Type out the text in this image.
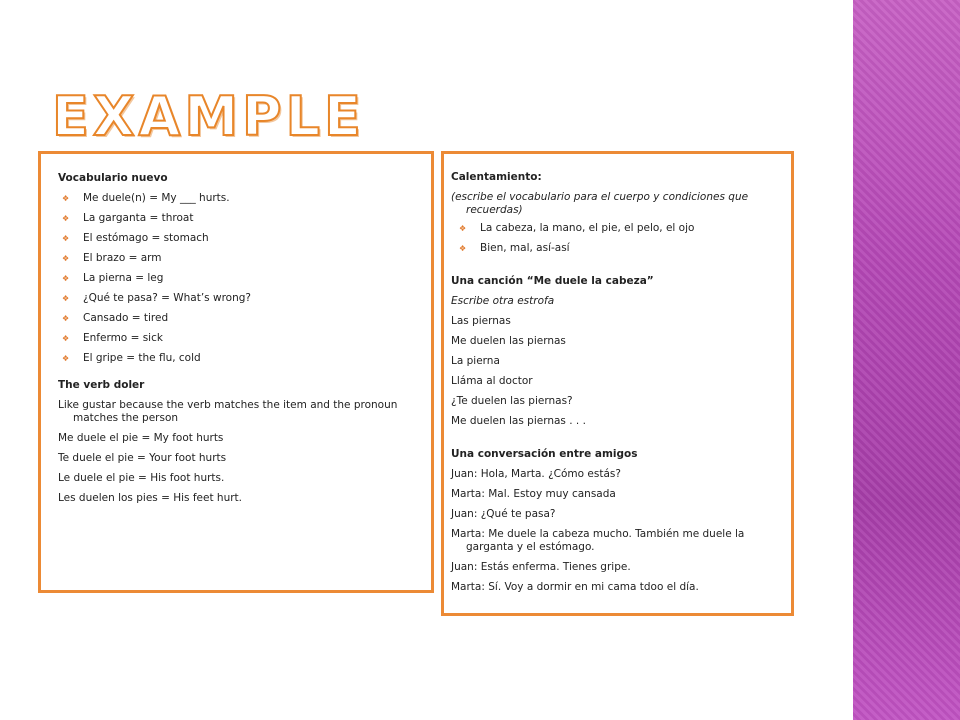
EXAMPLE
Vocabulario nuevo
❖ Me duele(n) = My ___ hurts.
❖ La garganta = throat
❖ El estómago = stomach
❖ El brazo = arm
❖ La pierna = leg
❖ ¿Qué te pasa? = What’s wrong?
❖ Cansado = tired
❖ Enfermo = sick
❖ El gripe = the flu, cold
The verb doler
Like gustar because the verb matches the item and the pronoun matches the person
Me duele el pie = My foot hurts
Te duele el pie = Your foot hurts
Le duele el pie = His foot hurts.
Les duelen los pies = His feet hurt.
Calentamiento:
(escribe el vocabulario para el cuerpo y condiciones que recuerdas)
❖ La cabeza, la mano, el pie, el pelo, el ojo
❖ Bien, mal, así-así
Una canción “Me duele la cabeza”
Escribe otra estrofa
Las piernas
Me duelen las piernas
La pierna
Lláma al doctor
¿Te duelen las piernas?
Me duelen las piernas . . .
Una conversación entre amigos
Juan: Hola, Marta. ¿Cómo estás?
Marta: Mal. Estoy muy cansada
Juan: ¿Qué te pasa?
Marta: Me duele la cabeza mucho. También me duele la garganta y el estómago.
Juan: Estás enferma. Tienes gripe.
Marta: Sí. Voy a dormir en mi cama tdoo el día.
